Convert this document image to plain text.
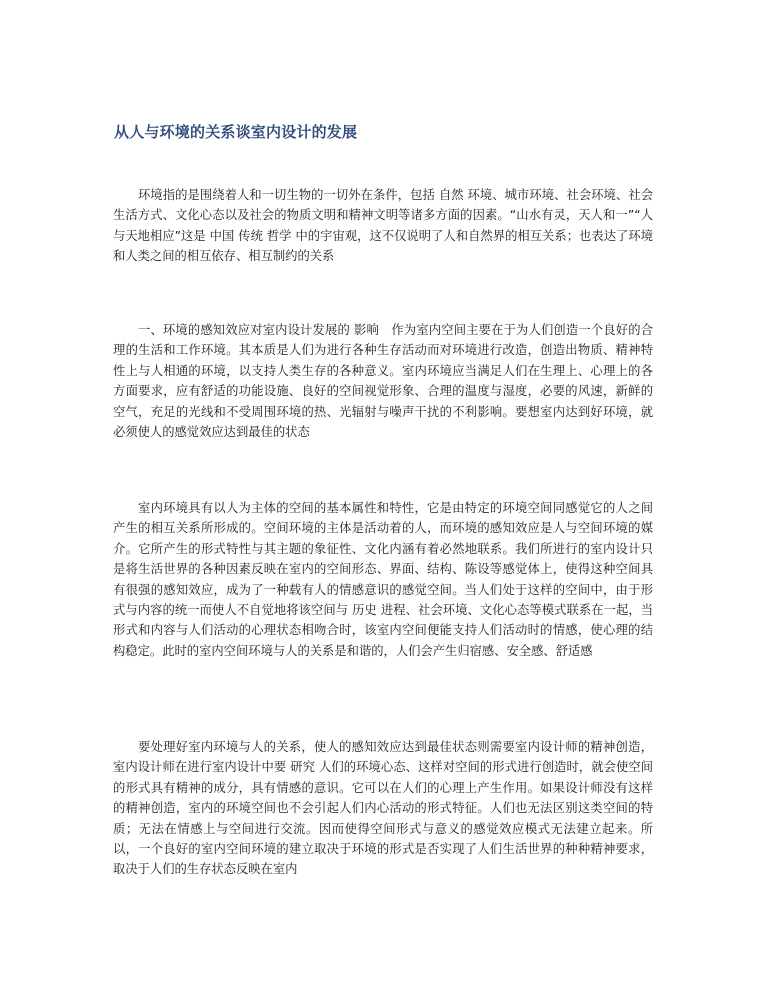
从人与环境的关系谈室内设计的发展

环境指的是围绕着人和一切生物的一切外在条件，包括 自然 环境、城市环境、社会环境、社会生活方式、文化心态以及社会的物质文明和精神文明等诸多方面的因素。“山水有灵，天人和一”“人与天地相应”这是 中国 传统 哲学 中的宇宙观，这不仅说明了人和自然界的相互关系；也表达了环境和人类之间的相互依存、相互制约的关系

一、环境的感知效应对室内设计发展的 影响　作为室内空间主要在于为人们创造一个良好的合理的生活和工作环境。其本质是人们为进行各种生存活动而对环境进行改造，创造出物质、精神特性上与人相通的环境，以支持人类生存的各种意义。室内环境应当满足人们在生理上、心理上的各方面要求，应有舒适的功能设施、良好的空间视觉形象、合理的温度与湿度，必要的风速，新鲜的空气，充足的光线和不受周围环境的热、光辐射与噪声干扰的不利影响。要想室内达到好环境，就必须使人的感觉效应达到最佳的状态

室内环境具有以人为主体的空间的基本属性和特性，它是由特定的环境空间同感觉它的人之间产生的相互关系所形成的。空间环境的主体是活动着的人，而环境的感知效应是人与空间环境的媒介。它所产生的形式特性与其主题的象征性、文化内涵有着必然地联系。我们所进行的室内设计只是将生活世界的各种因素反映在室内的空间形态、界面、结构、陈设等感觉体上，使得这种空间具有很强的感知效应，成为了一种载有人的情感意识的感觉空间。当人们处于这样的空间中，由于形式与内容的统一而使人不自觉地将该空间与 历史 进程、社会环境、文化心态等模式联系在一起，当形式和内容与人们活动的心理状态相吻合时，该室内空间便能支持人们活动时的情感，使心理的结构稳定。此时的室内空间环境与人的关系是和谐的，人们会产生归宿感、安全感、舒适感

要处理好室内环境与人的关系，使人的感知效应达到最佳状态则需要室内设计师的精神创造，室内设计师在进行室内设计中要 研究 人们的环境心态、这样对空间的形式进行创造时，就会使空间的形式具有精神的成分，具有情感的意识。它可以在人们的心理上产生作用。如果设计师没有这样的精神创造，室内的环境空间也不会引起人们内心活动的形式特征。人们也无法区别这类空间的特质；无法在情感上与空间进行交流。因而使得空间形式与意义的感觉效应模式无法建立起来。所以，一个良好的室内空间环境的建立取决于环境的形式是否实现了人们生活世界的种种精神要求，取决于人们的生存状态反映在室内
